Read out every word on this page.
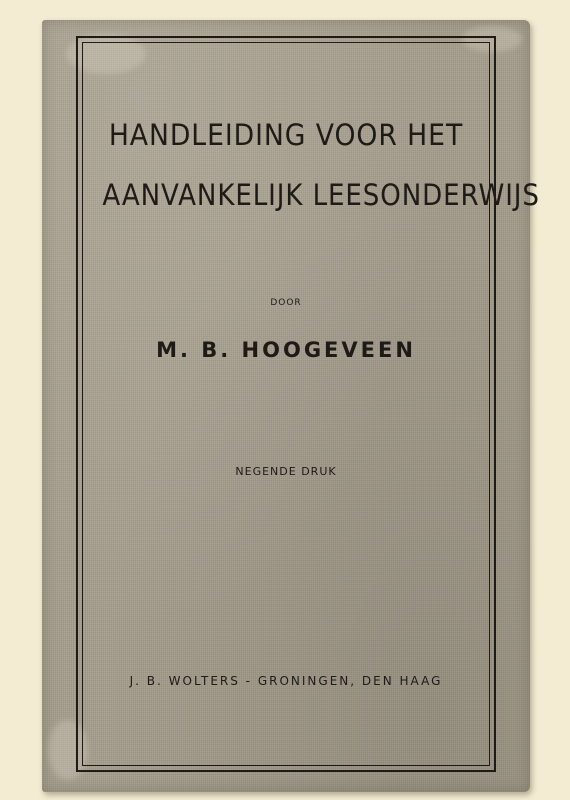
HANDLEIDING VOOR HET
AANVANKELIJK LEESONDERWIJS
DOOR
M. B. HOOGEVEEN
NEGENDE DRUK
J. B. WOLTERS - GRONINGEN, DEN HAAG
